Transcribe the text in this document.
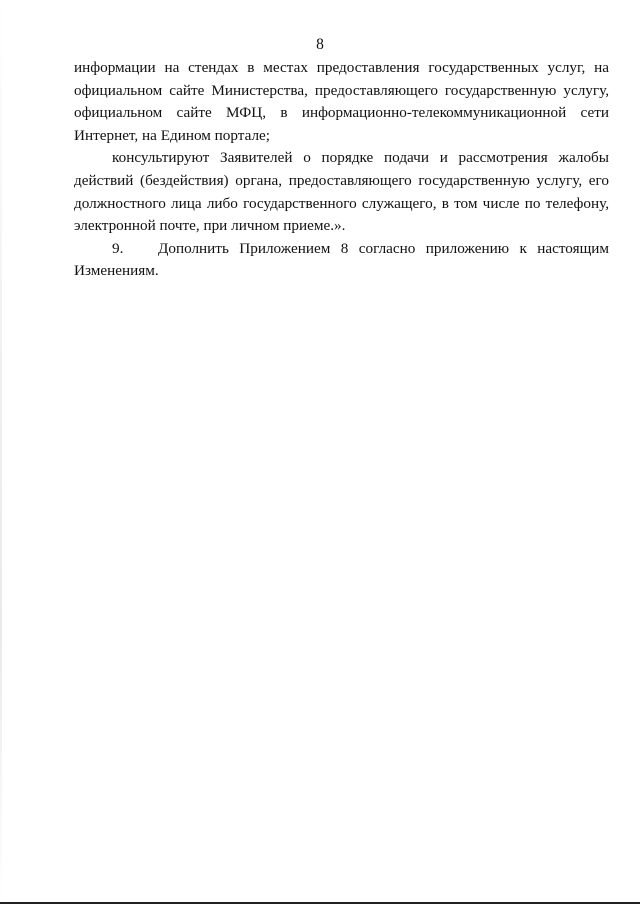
8

информации на стендах в местах предоставления государственных услуг, на
официальном сайте Министерства, предоставляющего государственную услугу,
официальном сайте МФЦ, в информационно-телекоммуникационной сети
Интернет, на Едином портале;

консультируют Заявителей о порядке подачи и рассмотрения жалобы
действий (бездействия) органа, предоставляющего государственную услугу, его
должностного лица либо государственного служащего, в том числе по телефону,
электронной почте, при личном приеме.».

9. Дополнить Приложением 8 согласно приложению к настоящим
Изменениям.
